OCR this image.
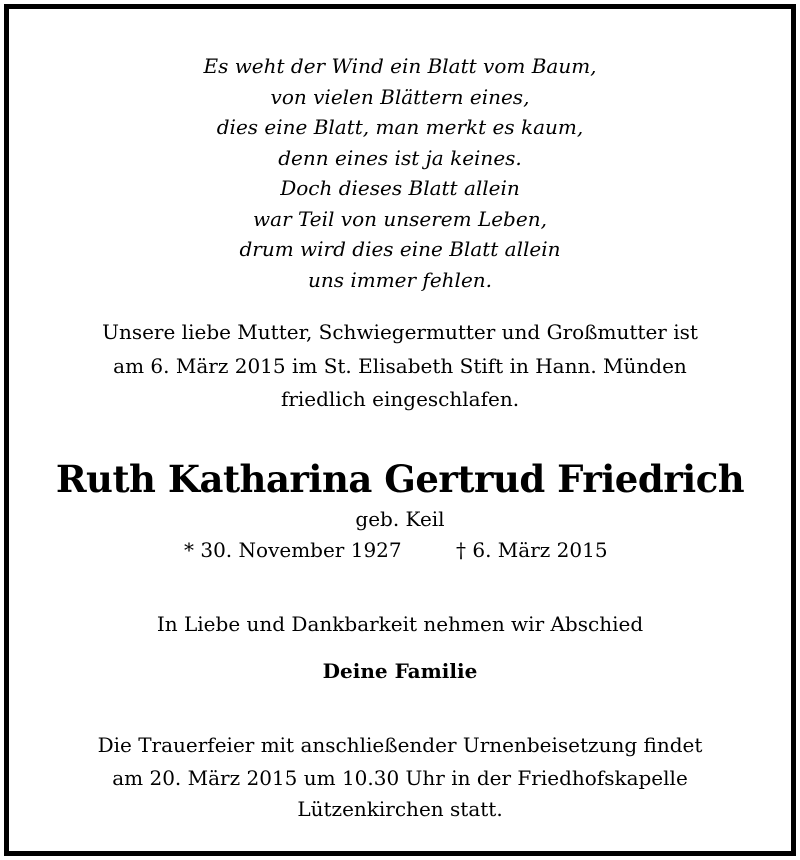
Es weht der Wind ein Blatt vom Baum,
von vielen Blättern eines,
dies eine Blatt, man merkt es kaum,
denn eines ist ja keines.
Doch dieses Blatt allein
war Teil von unserem Leben,
drum wird dies eine Blatt allein
uns immer fehlen.
Unsere liebe Mutter, Schwiegermutter und Großmutter ist
am 6. März 2015 im St. Elisabeth Stift in Hann. Münden
friedlich eingeschlafen.
Ruth Katharina Gertrud Friedrich
geb. Keil
* 30. November 1927	† 6. März 2015
In Liebe und Dankbarkeit nehmen wir Abschied
Deine Familie
Die Trauerfeier mit anschließender Urnenbeisetzung findet
am 20. März 2015 um 10.30 Uhr in der Friedhofskapelle
Lützenkirchen statt.
